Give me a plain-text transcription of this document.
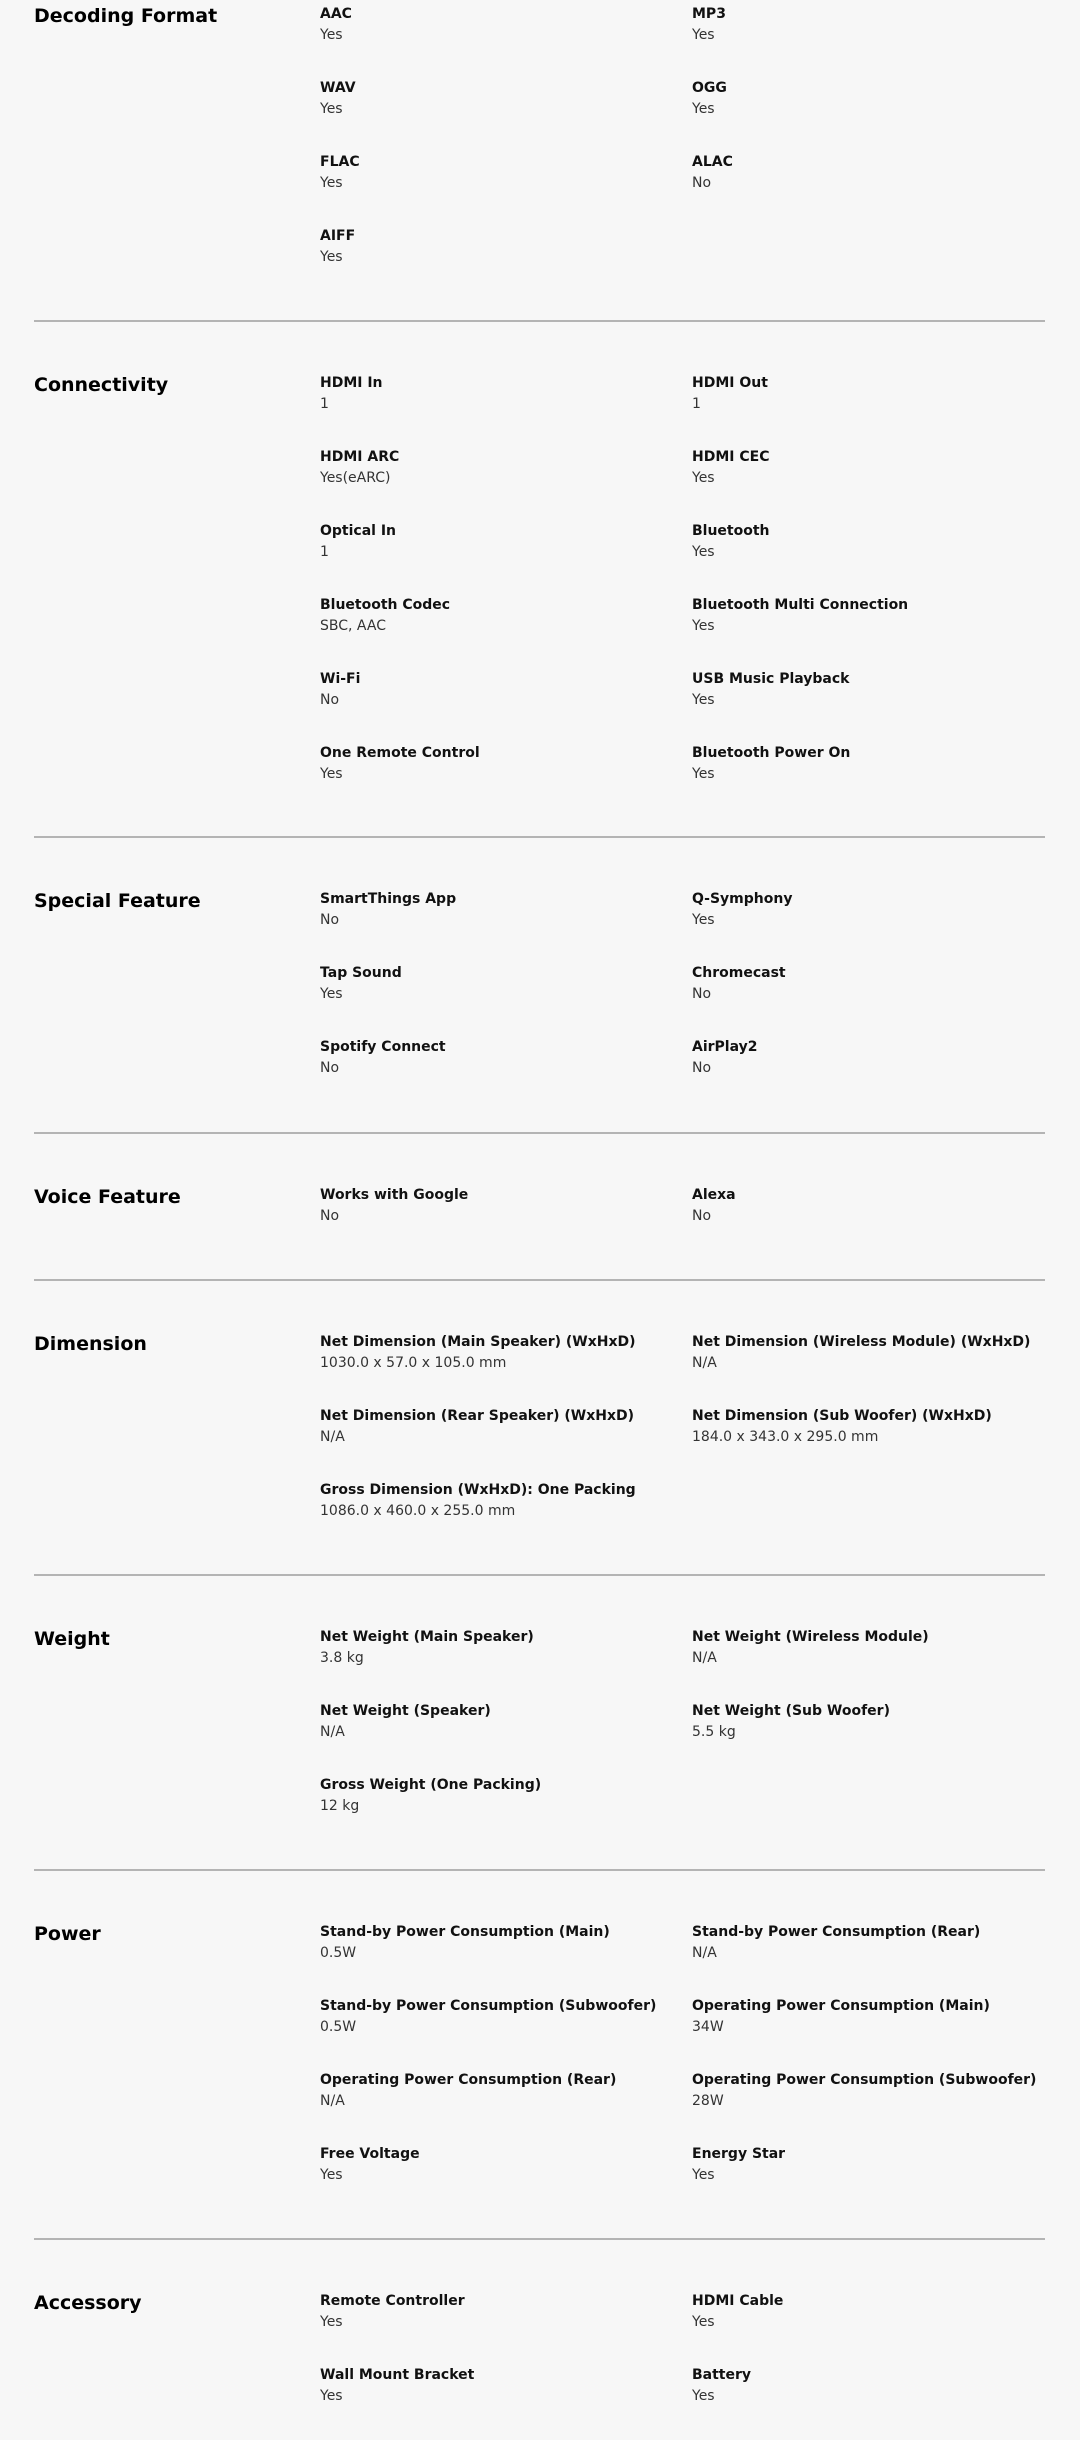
Decoding Format	AAC
Yes
MP3
Yes
WAV
Yes
OGG
Yes
FLAC
Yes
ALAC
No
AIFF
Yes
Connectivity	HDMI In
1
HDMI Out
1
HDMI ARC
Yes(eARC)
HDMI CEC
Yes
Optical In
1
Bluetooth
Yes
Bluetooth Codec
SBC, AAC
Bluetooth Multi Connection
Yes
Wi-Fi
No
USB Music Playback
Yes
One Remote Control
Yes
Bluetooth Power On
Yes
Special Feature	SmartThings App
No
Q-Symphony
Yes
Tap Sound
Yes
Chromecast
No
Spotify Connect
No
AirPlay2
No
Voice Feature	Works with Google
No
Alexa
No
Dimension	Net Dimension (Main Speaker) (WxHxD)
1030.0 x 57.0 x 105.0 mm
Net Dimension (Wireless Module) (WxHxD)
N/A
Net Dimension (Rear Speaker) (WxHxD)
N/A
Net Dimension (Sub Woofer) (WxHxD)
184.0 x 343.0 x 295.0 mm
Gross Dimension (WxHxD): One Packing
1086.0 x 460.0 x 255.0 mm
Weight	Net Weight (Main Speaker)
3.8 kg
Net Weight (Wireless Module)
N/A
Net Weight (Speaker)
N/A
Net Weight (Sub Woofer)
5.5 kg
Gross Weight (One Packing)
12 kg
Power	Stand-by Power Consumption (Main)
0.5W
Stand-by Power Consumption (Rear)
N/A
Stand-by Power Consumption (Subwoofer)
0.5W
Operating Power Consumption (Main)
34W
Operating Power Consumption (Rear)
N/A
Operating Power Consumption (Subwoofer)
28W
Free Voltage
Yes
Energy Star
Yes
Accessory	Remote Controller
Yes
HDMI Cable
Yes
Wall Mount Bracket
Yes
Battery
Yes
